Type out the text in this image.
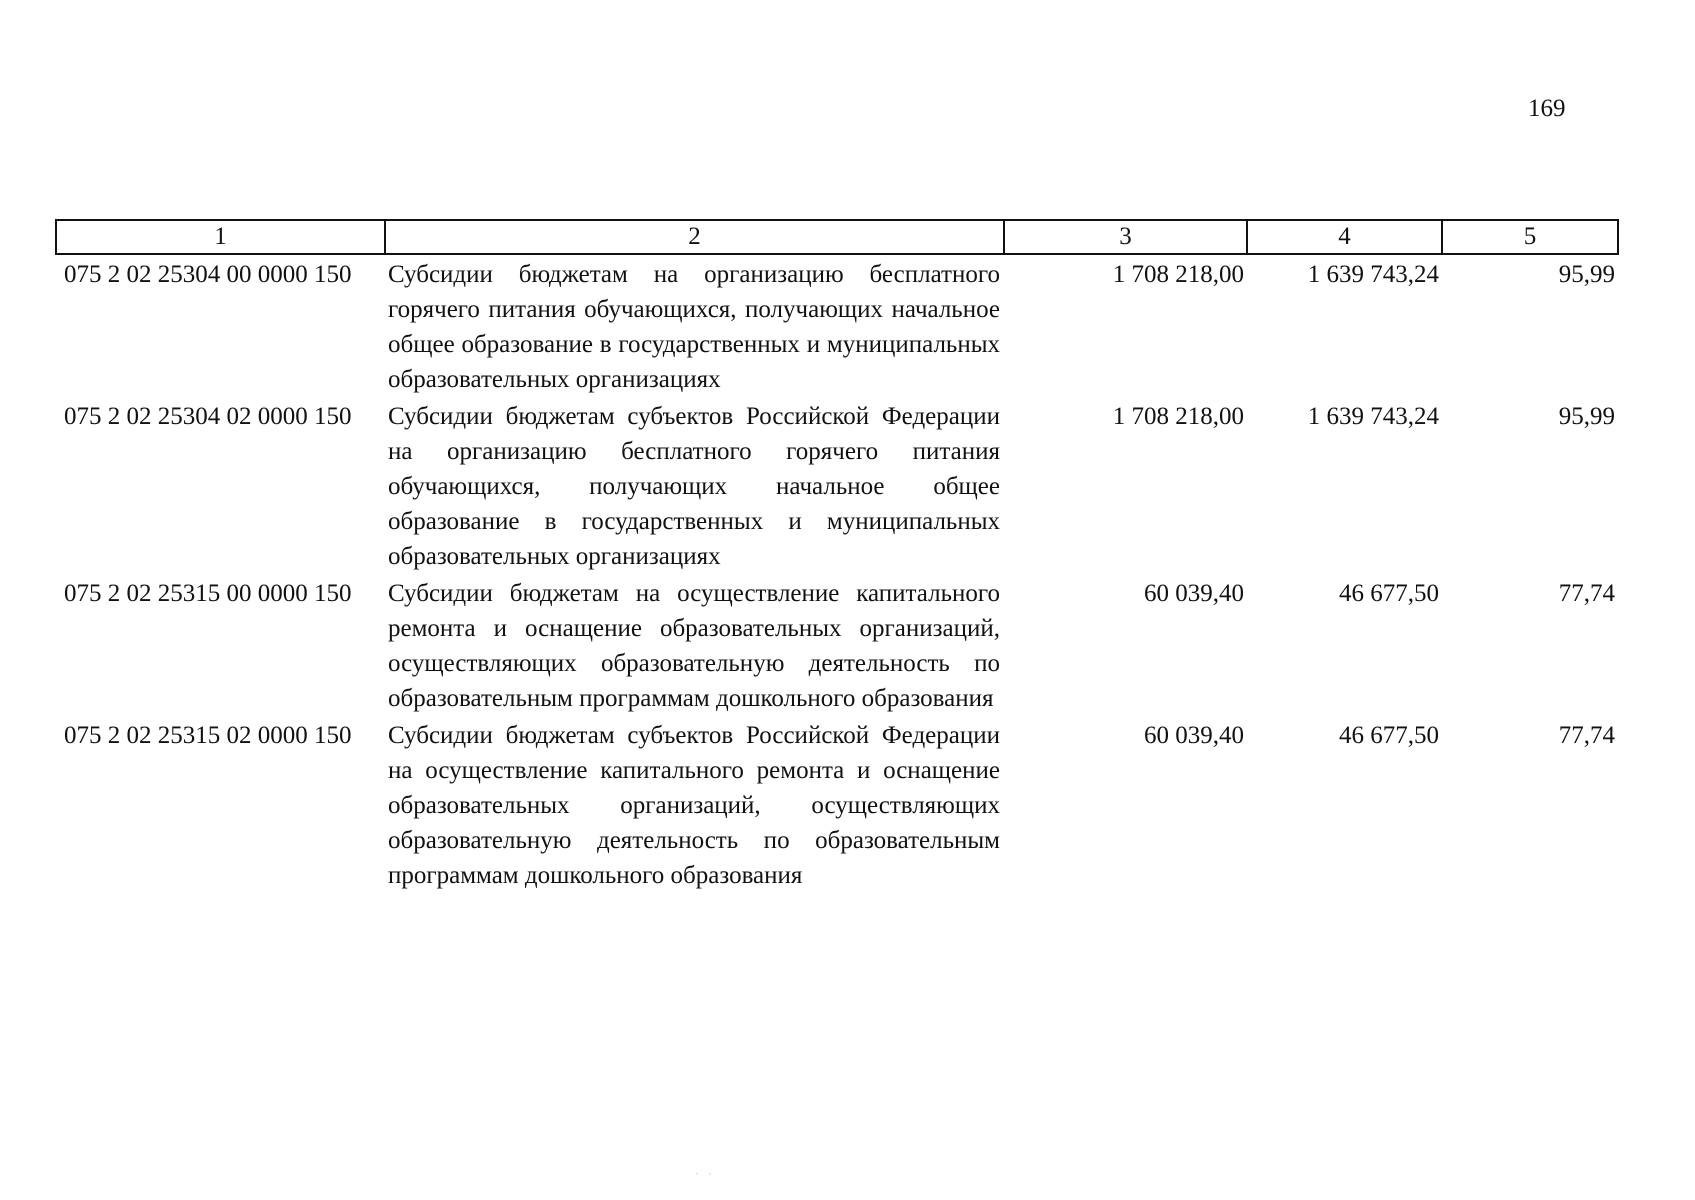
169
1	2	3	4	5
075 2 02 25304 00 0000 150	Субсидии бюджетам на организацию бесплатного горячего питания обучающихся, получающих начальное общее образование в государственных и муниципальных образовательных организациях	1 708 218,00	1 639 743,24	95,99
075 2 02 25304 02 0000 150	Субсидии бюджетам субъектов Российской Федерации на организацию бесплатного горячего питания обучающихся, получающих начальное общее образование в государственных и муниципальных образовательных организациях	1 708 218,00	1 639 743,24	95,99
075 2 02 25315 00 0000 150	Субсидии бюджетам на осуществление капитального ремонта и оснащение образовательных организаций, осуществляющих образовательную деятельность по образовательным программам дошкольного образования	60 039,40	46 677,50	77,74
075 2 02 25315 02 0000 150	Субсидии бюджетам субъектов Российской Федерации на осуществление капитального ремонта и оснащение образовательных организаций, осуществляющих образовательную деятельность по образовательным программам дошкольного образования	60 039,40	46 677,50	77,74
‧   ‧
